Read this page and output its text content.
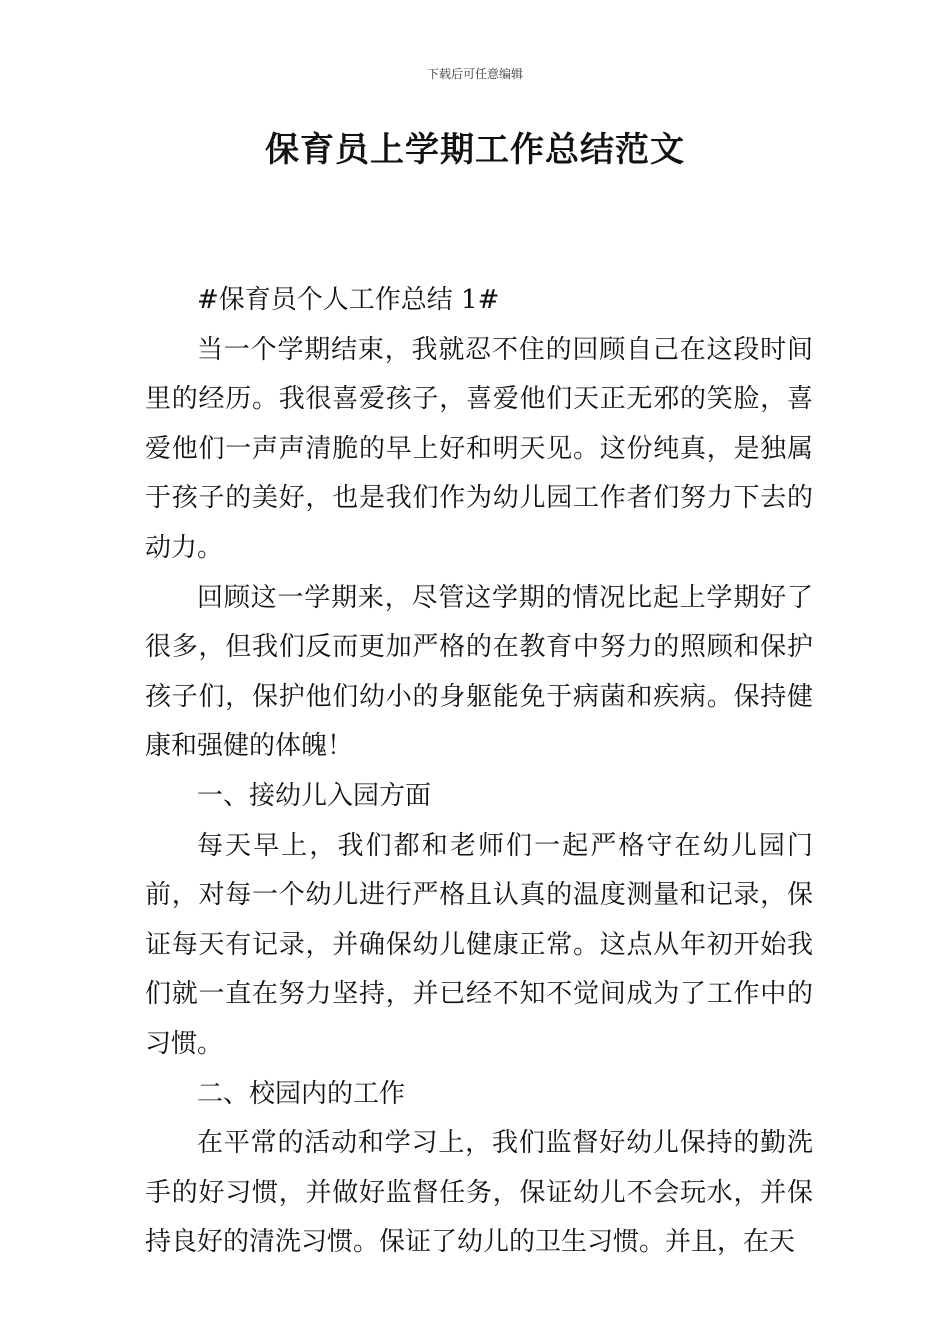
下载后可任意编辑
保育员上学期工作总结范文

#保育员个人工作总结 1#

当一个学期结束，我就忍不住的回顾自己在这段时间里的经历。我很喜爱孩子，喜爱他们天正无邪的笑脸，喜爱他们一声声清脆的早上好和明天见。这份纯真，是独属于孩子的美好，也是我们作为幼儿园工作者们努力下去的动力。

回顾这一学期来，尽管这学期的情况比起上学期好了很多，但我们反而更加严格的在教育中努力的照顾和保护孩子们，保护他们幼小的身躯能免于病菌和疾病。保持健康和强健的体魄！

一、接幼儿入园方面

每天早上，我们都和老师们一起严格守在幼儿园门前，对每一个幼儿进行严格且认真的温度测量和记录，保证每天有记录，并确保幼儿健康正常。这点从年初开始我们就一直在努力坚持，并已经不知不觉间成为了工作中的习惯。

二、校园内的工作

在平常的活动和学习上，我们监督好幼儿保持的勤洗手的好习惯，并做好监督任务，保证幼儿不会玩水，并保持良好的清洗习惯。保证了幼儿的卫生习惯。并且，在天
